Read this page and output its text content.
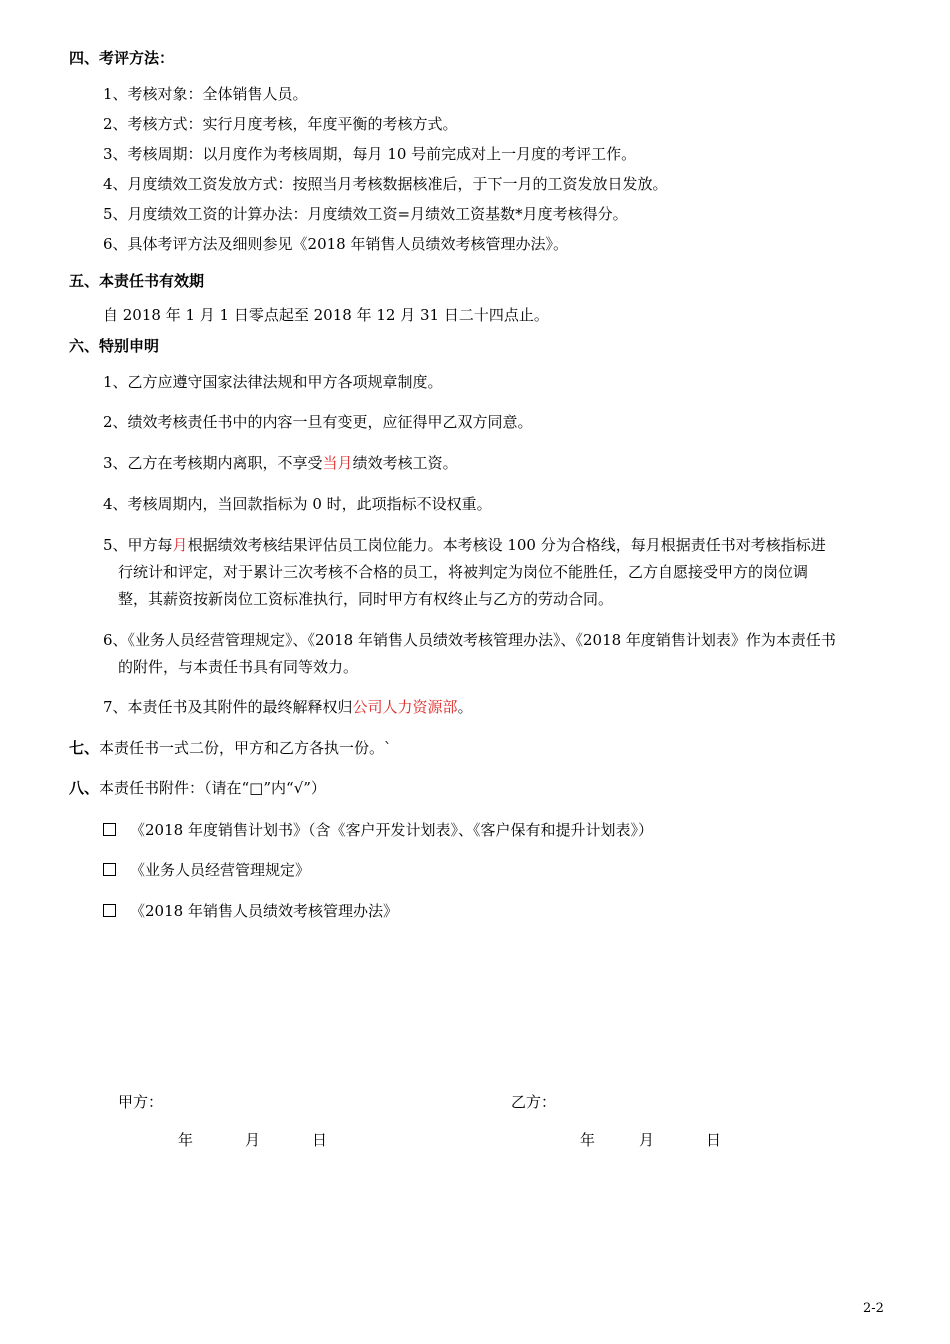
四、考评方法：
1、考核对象：全体销售人员。
2、考核方式：实行月度考核，年度平衡的考核方式。
3、考核周期：以月度作为考核周期，每月 10 号前完成对上一月度的考评工作。
4、月度绩效工资发放方式：按照当月考核数据核准后，于下一月的工资发放日发放。
5、月度绩效工资的计算办法：月度绩效工资=月绩效工资基数*月度考核得分。
6、具体考评方法及细则参见《2018 年销售人员绩效考核管理办法》。
五、本责任书有效期
自 2018 年 1 月 1 日零点起至 2018 年 12 月 31 日二十四点止。
六、特别申明
1、乙方应遵守国家法律法规和甲方各项规章制度。
2、绩效考核责任书中的内容一旦有变更，应征得甲乙双方同意。
3、乙方在考核期内离职，不享受当月绩效考核工资。
4、考核周期内，当回款指标为 0 时，此项指标不设权重。
5、甲方每月根据绩效考核结果评估员工岗位能力。本考核设 100 分为合格线，每月根据责任书对考核指标进
行统计和评定，对于累计三次考核不合格的员工，将被判定为岗位不能胜任，乙方自愿接受甲方的岗位调
整，其薪资按新岗位工资标准执行，同时甲方有权终止与乙方的劳动合同。
6、《业务人员经营管理规定》、《2018 年销售人员绩效考核管理办法》、《2018 年度销售计划表》作为本责任书
的附件，与本责任书具有同等效力。
7、本责任书及其附件的最终解释权归公司人力资源部。
七、本责任书一式二份，甲方和乙方各执一份。`
八、本责任书附件：（请在“□”内“√”）
《2018 年度销售计划书》（含《客户开发计划表》、《客户保有和提升计划表》）
《业务人员经营管理规定》
《2018 年销售人员绩效考核管理办法》
甲方：	乙方：
年	月	日	年	月	日
2-2
